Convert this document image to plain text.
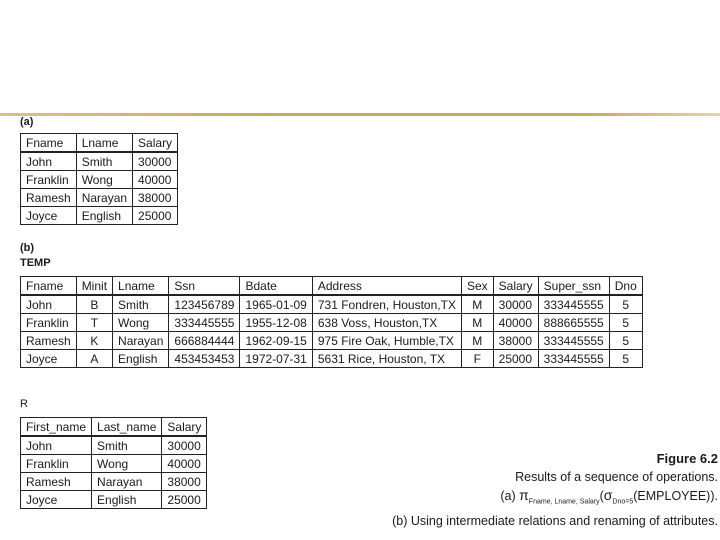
(a)
Fname	Lname	Salary
John	Smith	30000
Franklin	Wong	40000
Ramesh	Narayan	38000
Joyce	English	25000
(b)
TEMP
Fname	Minit	Lname	Ssn	Bdate	Address	Sex	Salary	Super_ssn	Dno
John	B	Smith	123456789	1965-01-09	731 Fondren, Houston,TX	M	30000	333445555	5
Franklin	T	Wong	333445555	1955-12-08	638 Voss, Houston,TX	M	40000	888665555	5
Ramesh	K	Narayan	666884444	1962-09-15	975 Fire Oak, Humble,TX	M	38000	333445555	5
Joyce	A	English	453453453	1972-07-31	5631 Rice, Houston, TX	F	25000	333445555	5
R
First_name	Last_name	Salary
John	Smith	30000
Franklin	Wong	40000
Ramesh	Narayan	38000
Joyce	English	25000
Figure 6.2
Results of a sequence of operations.
(a) $\pi_{Fname, Lname, Salary}(\sigma_{Dno=5}(EMPLOYEE))$.
(b) Using intermediate relations and renaming of attributes.
